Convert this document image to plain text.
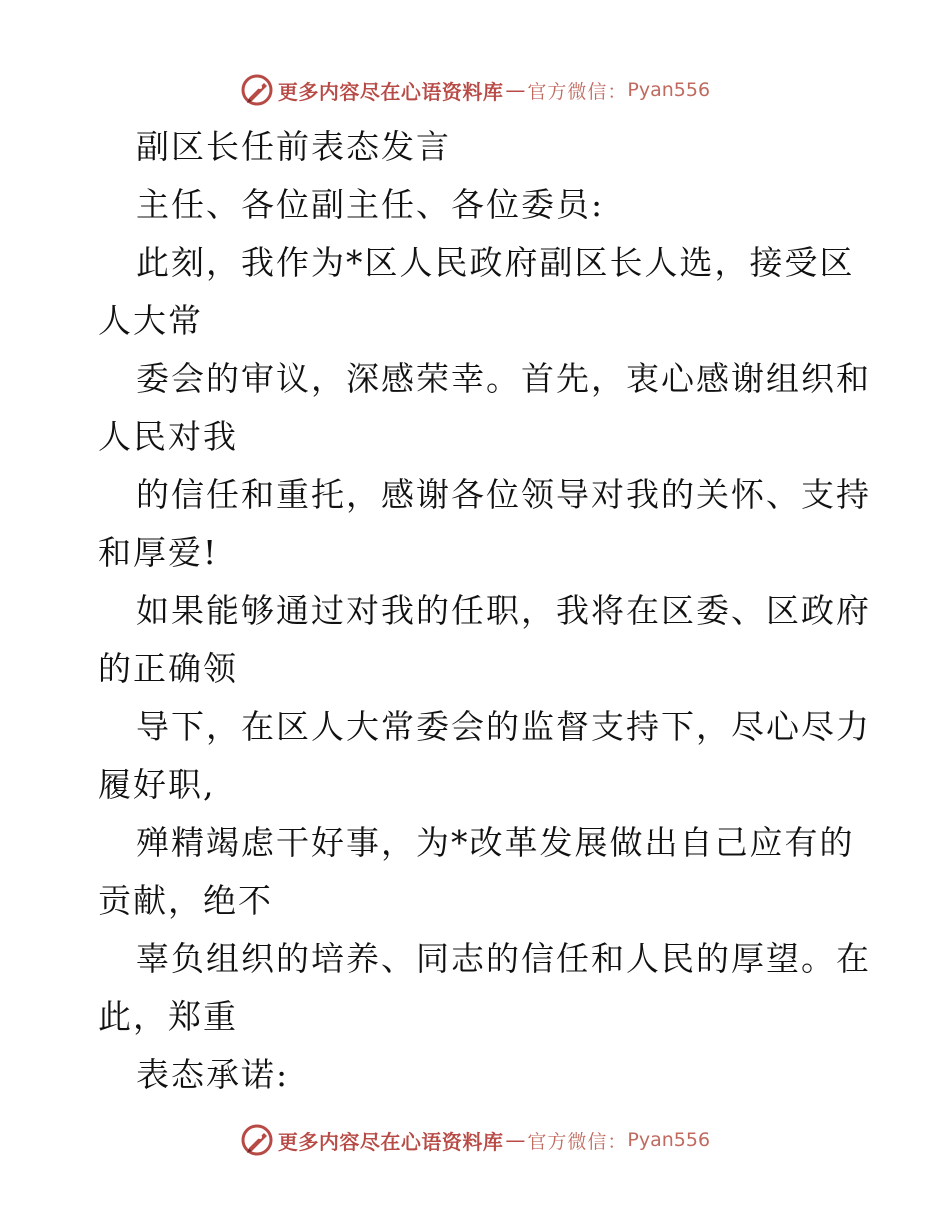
更多内容尽在心语资料库 — 官方微信： Pyan556
副区长任前表态发言
主任、各位副主任、各位委员:
此刻，我作为*区人民政府副区长人选，接受区
人大常
委会的审议，深感荣幸。首先，衷心感谢组织和
人民对我
的信任和重托，感谢各位领导对我的关怀、支持
和厚爱!
如果能够通过对我的任职，我将在区委、区政府
的正确领
导下，在区人大常委会的监督支持下，尽心尽力
履好职,
殚精竭虑干好事，为*改革发展做出自己应有的
贡献，绝不
辜负组织的培养、同志的信任和人民的厚望。在
此，郑重
表态承诺:
更多内容尽在心语资料库 — 官方微信： Pyan556
